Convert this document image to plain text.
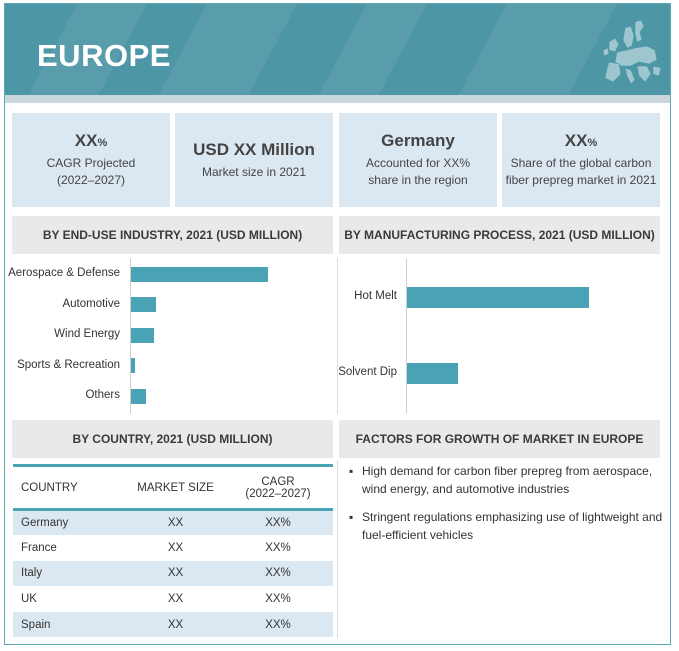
EUROPE
XX%
CAGR Projected
(2022–2027)
USD XX Million
Market size in 2021
Germany
Accounted for XX%
share in the region
XX%
Share of the global carbon
fiber prepreg market in 2021
BY END-USE INDUSTRY, 2021 (USD MILLION)	BY MANUFACTURING PROCESS, 2021 (USD MILLION)
BY COUNTRY, 2021 (USD MILLION)	FACTORS FOR GROWTH OF MARKET IN EUROPE
COUNTRY	MARKET SIZE	CAGR
(2022–2027)
Germany	XX	XX%
France	XX	XX%
Italy	XX	XX%
UK	XX	XX%
Spain	XX	XX%
▪ High demand for carbon fiber prepreg from aerospace, wind energy, and automotive industries
▪ Stringent regulations emphasizing use of lightweight and fuel-efficient vehicles
Aerospace & Defense
Automotive
Wind Energy
Sports & Recreation
Others
Hot Melt
Solvent Dip
